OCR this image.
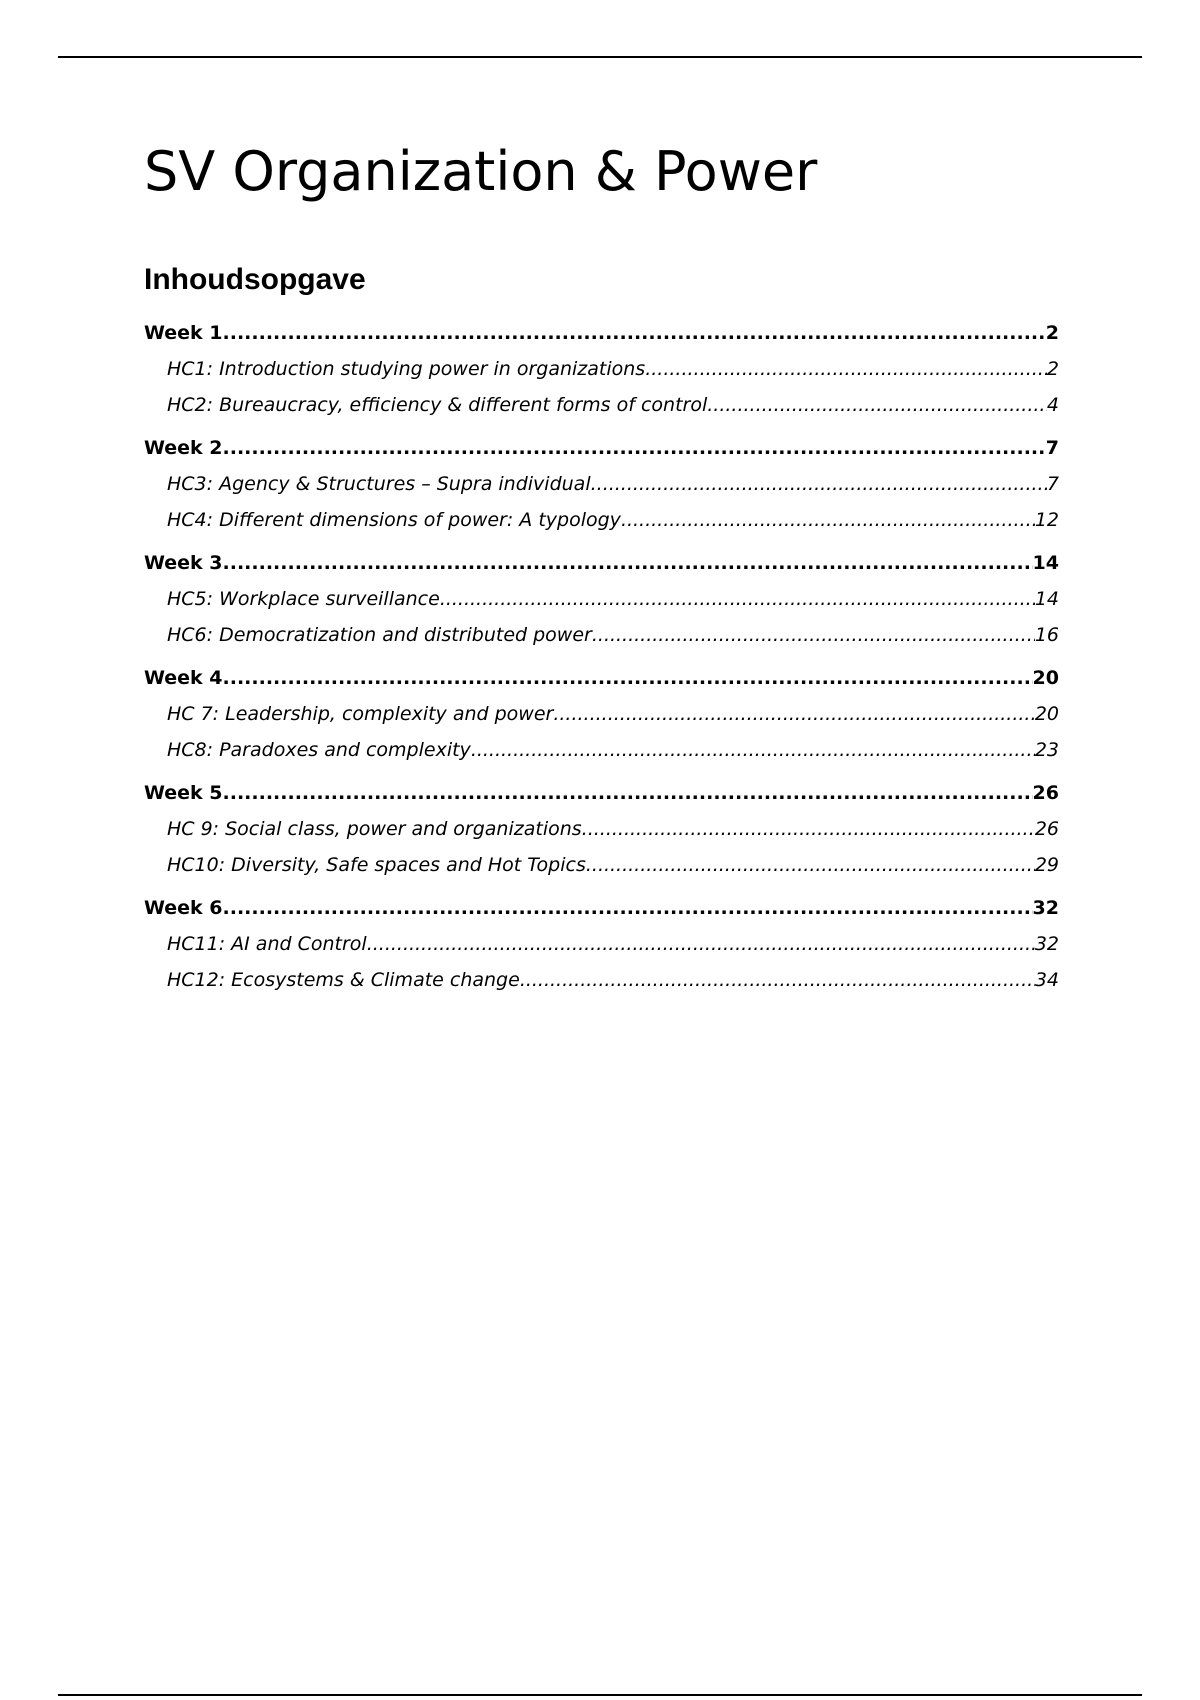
SV Organization & Power
Inhoudsopgave
Week 1 .....	2
HC1: Introduction studying power in organizations .....	2
HC2: Bureaucracy, efficiency & different forms of control .....	4
Week 2 .....	7
HC3: Agency & Structures – Supra individual .....	7
HC4: Different dimensions of power: A typology .....	12
Week 3 .....	14
HC5: Workplace surveillance .....	14
HC6: Democratization and distributed power .....	16
Week 4 .....	20
HC 7: Leadership, complexity and power .....	20
HC8: Paradoxes and complexity .....	23
Week 5 .....	26
HC 9: Social class, power and organizations .....	26
HC10: Diversity, Safe spaces and Hot Topics .....	29
Week 6 .....	32
HC11: AI and Control .....	32
HC12: Ecosystems & Climate change .....	34
